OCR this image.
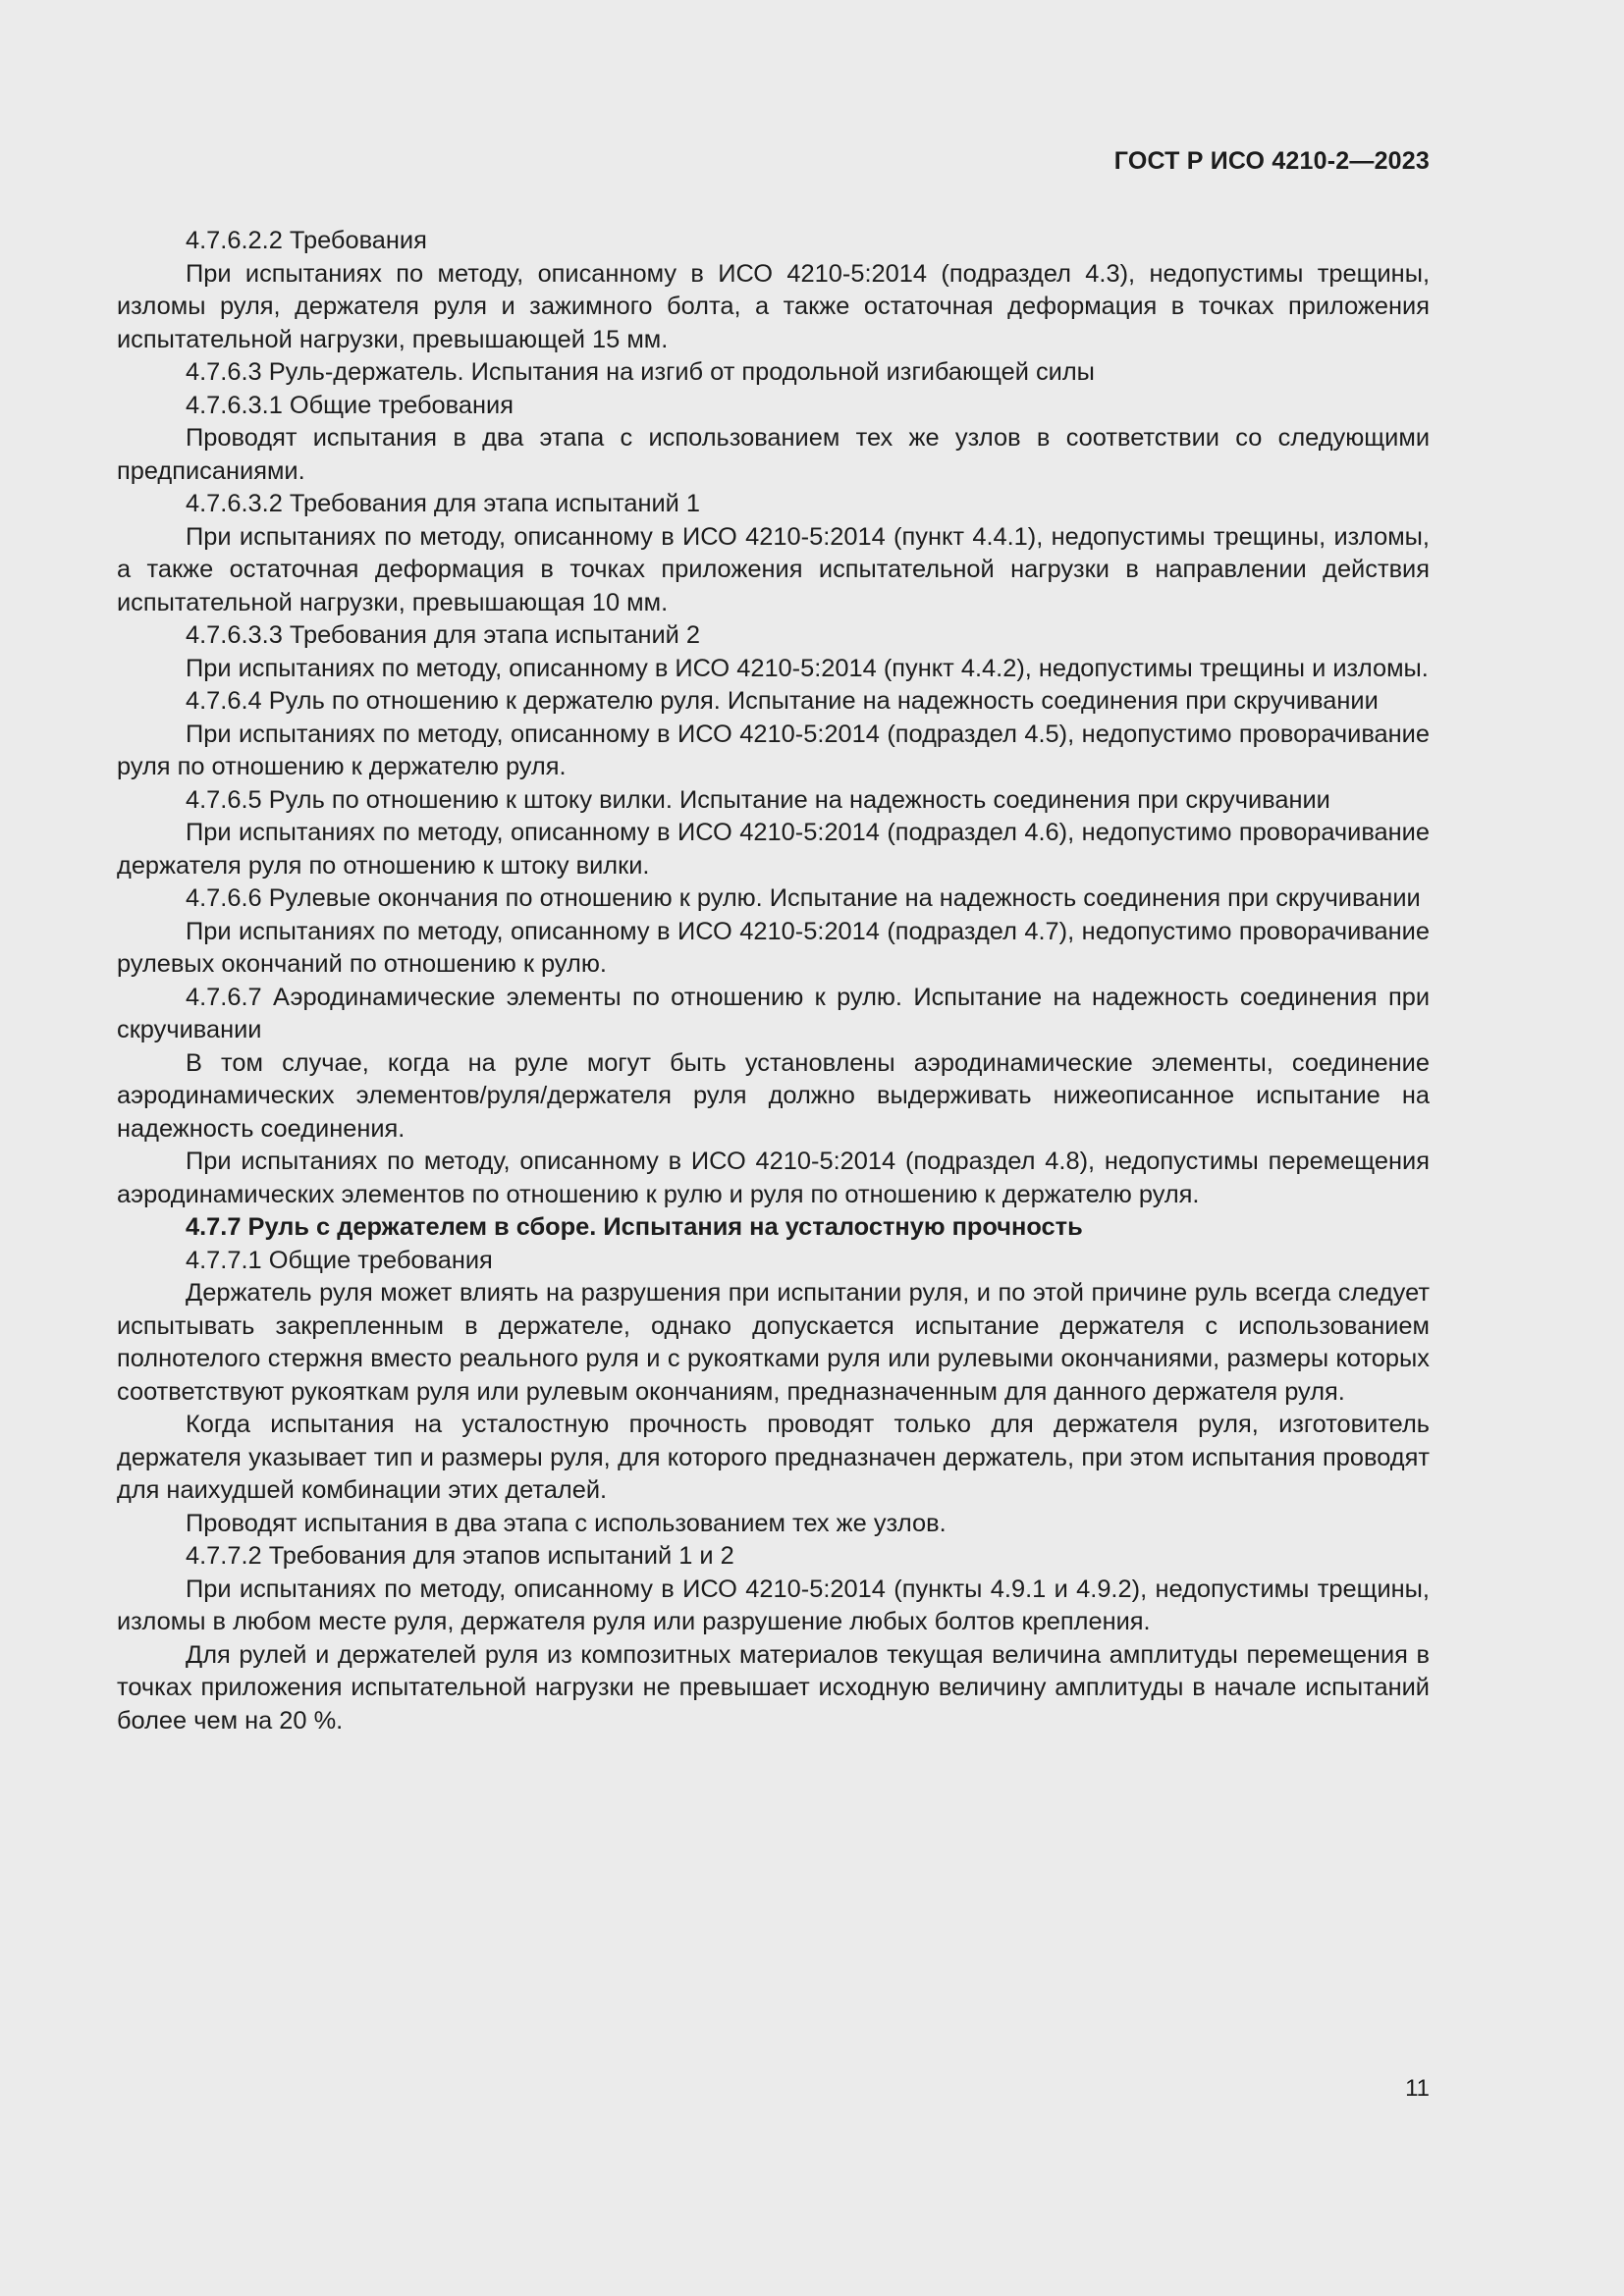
ГОСТ Р ИСО 4210-2—2023

4.7.6.2.2 Требования

При испытаниях по методу, описанному в ИСО 4210-5:2014 (подраздел 4.3), недопустимы трещины, изломы руля, держателя руля и зажимного болта, а также остаточная деформация в точках приложения испытательной нагрузки, превышающей 15 мм.

4.7.6.3 Руль-держатель. Испытания на изгиб от продольной изгибающей силы

4.7.6.3.1 Общие требования

Проводят испытания в два этапа с использованием тех же узлов в соответствии со следующими предписаниями.

4.7.6.3.2 Требования для этапа испытаний 1

При испытаниях по методу, описанному в ИСО 4210-5:2014 (пункт 4.4.1), недопустимы трещины, изломы, а также остаточная деформация в точках приложения испытательной нагрузки в направлении действия испытательной нагрузки, превышающая 10 мм.

4.7.6.3.3 Требования для этапа испытаний 2

При испытаниях по методу, описанному в ИСО 4210-5:2014 (пункт 4.4.2), недопустимы трещины и изломы.

4.7.6.4 Руль по отношению к держателю руля. Испытание на надежность соединения при скручивании

При испытаниях по методу, описанному в ИСО 4210-5:2014 (подраздел 4.5), недопустимо проворачивание руля по отношению к держателю руля.

4.7.6.5 Руль по отношению к штоку вилки. Испытание на надежность соединения при скручивании

При испытаниях по методу, описанному в ИСО 4210-5:2014 (подраздел 4.6), недопустимо проворачивание держателя руля по отношению к штоку вилки.

4.7.6.6 Рулевые окончания по отношению к рулю. Испытание на надежность соединения при скручивании

При испытаниях по методу, описанному в ИСО 4210-5:2014 (подраздел 4.7), недопустимо проворачивание рулевых окончаний по отношению к рулю.

4.7.6.7 Аэродинамические элементы по отношению к рулю. Испытание на надежность соединения при скручивании

В том случае, когда на руле могут быть установлены аэродинамические элементы, соединение аэродинамических элементов/руля/держателя руля должно выдерживать нижеописанное испытание на надежность соединения.

При испытаниях по методу, описанному в ИСО 4210-5:2014 (подраздел 4.8), недопустимы перемещения аэродинамических элементов по отношению к рулю и руля по отношению к держателю руля.

4.7.7 Руль с держателем в сборе. Испытания на усталостную прочность

4.7.7.1 Общие требования

Держатель руля может влиять на разрушения при испытании руля, и по этой причине руль всегда следует испытывать закрепленным в держателе, однако допускается испытание держателя с использованием полнотелого стержня вместо реального руля и с рукоятками руля или рулевыми окончаниями, размеры которых соответствуют рукояткам руля или рулевым окончаниям, предназначенным для данного держателя руля.

Когда испытания на усталостную прочность проводят только для держателя руля, изготовитель держателя указывает тип и размеры руля, для которого предназначен держатель, при этом испытания проводят для наихудшей комбинации этих деталей.

Проводят испытания в два этапа с использованием тех же узлов.

4.7.7.2 Требования для этапов испытаний 1 и 2

При испытаниях по методу, описанному в ИСО 4210-5:2014 (пункты 4.9.1 и 4.9.2), недопустимы трещины, изломы в любом месте руля, держателя руля или разрушение любых болтов крепления.

Для рулей и держателей руля из композитных материалов текущая величина амплитуды перемещения в точках приложения испытательной нагрузки не превышает исходную величину амплитуды в начале испытаний более чем на 20 %.

11
